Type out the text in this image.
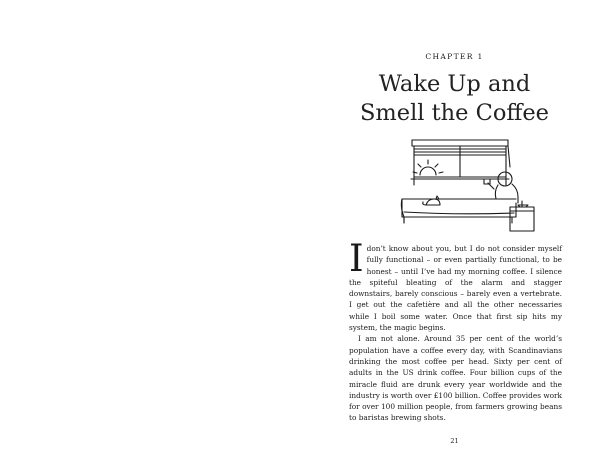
CHAPTER 1
Wake Up and
Smell the Coffee

I don’t know about you, but I do not consider myself fully functional – or even partially functional, to be honest – until I’ve had my morning coffee. I silence the spiteful bleating of the alarm and stagger downstairs, barely conscious – barely even a vertebrate. I get out the cafetière and all the other necessaries while I boil some water. Once that first sip hits my system, the magic begins.

I am not alone. Around 35 per cent of the world’s population have a coffee every day, with Scandinavians drinking the most coffee per head. Sixty per cent of adults in the US drink coffee. Four billion cups of the miracle fluid are drunk every year worldwide and the industry is worth over £100 billion. Coffee provides work for over 100 million people, from farmers growing beans to baristas brewing shots.

21
